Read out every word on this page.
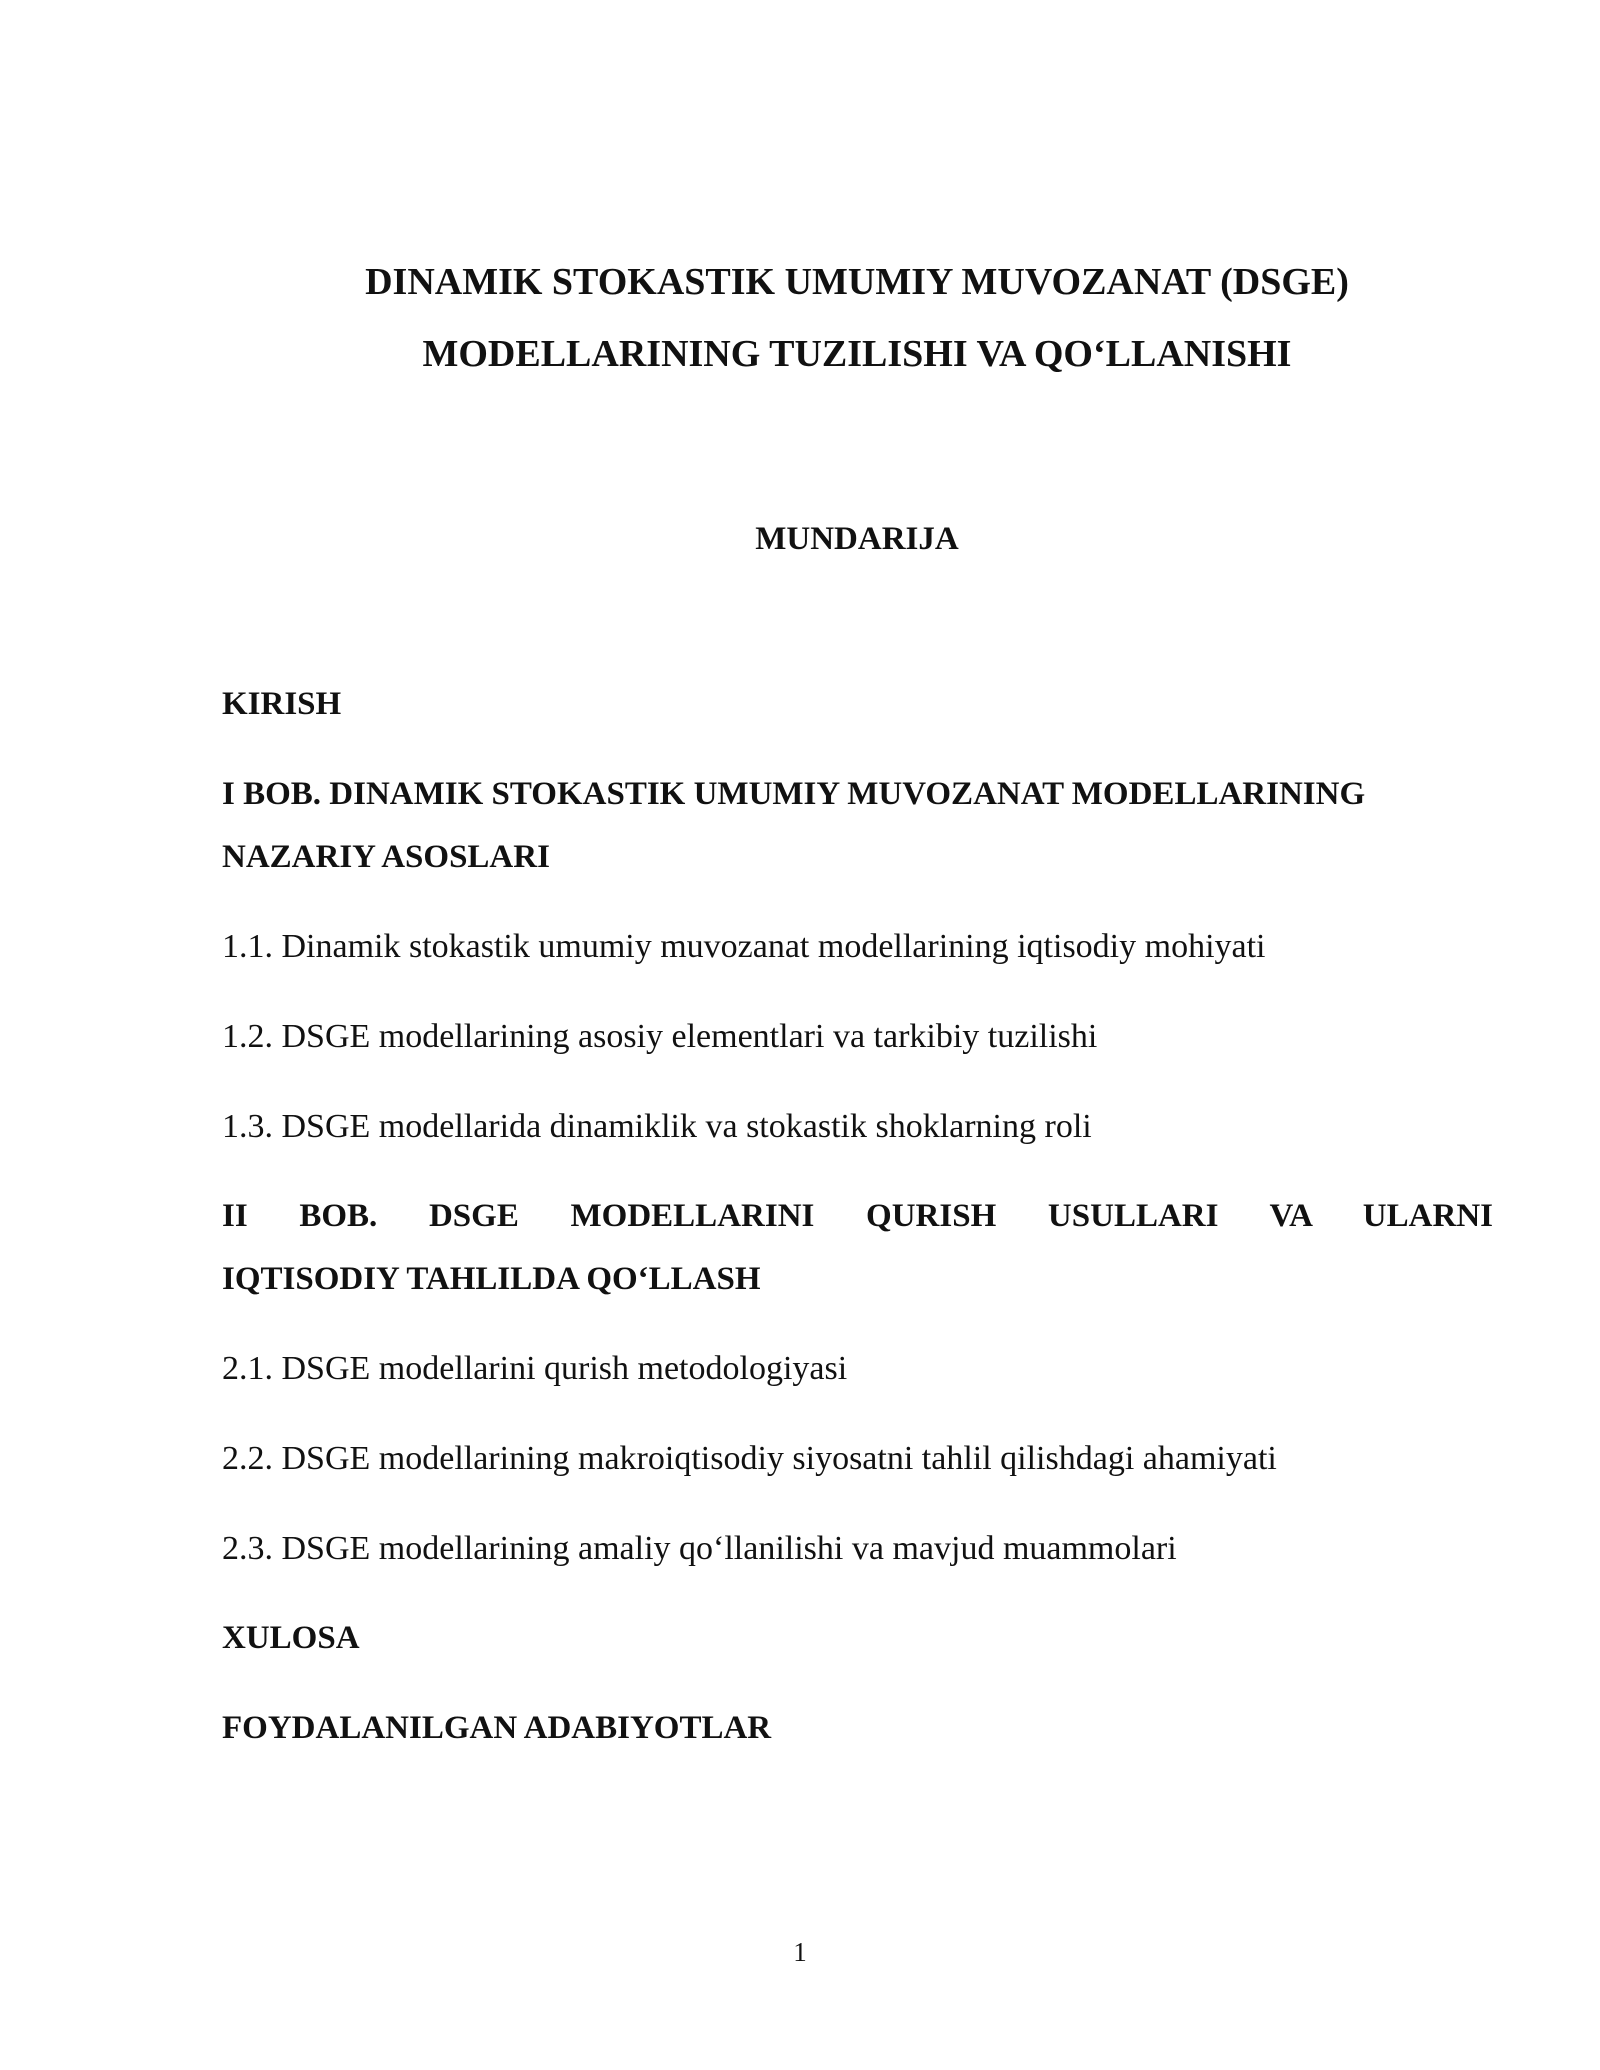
DINAMIK STOKASTIK UMUMIY MUVOZANAT (DSGE)
MODELLARINING TUZILISHI VA QO‘LLANISHI
MUNDARIJA

KIRISH

I BOB. DINAMIK STOKASTIK UMUMIY MUVOZANAT MODELLARINING NAZARIY ASOSLARI

1.1. Dinamik stokastik umumiy muvozanat modellarining iqtisodiy mohiyati

1.2. DSGE modellarining asosiy elementlari va tarkibiy tuzilishi

1.3. DSGE modellarida dinamiklik va stokastik shoklarning roli

II BOB. DSGE MODELLARINI QURISH USULLARI VA ULARNI
IQTISODIY TAHLILDA QO‘LLASH

2.1. DSGE modellarini qurish metodologiyasi

2.2. DSGE modellarining makroiqtisodiy siyosatni tahlil qilishdagi ahamiyati

2.3. DSGE modellarining amaliy qo‘llanilishi va mavjud muammolari

XULOSA

FOYDALANILGAN ADABIYOTLAR

1
